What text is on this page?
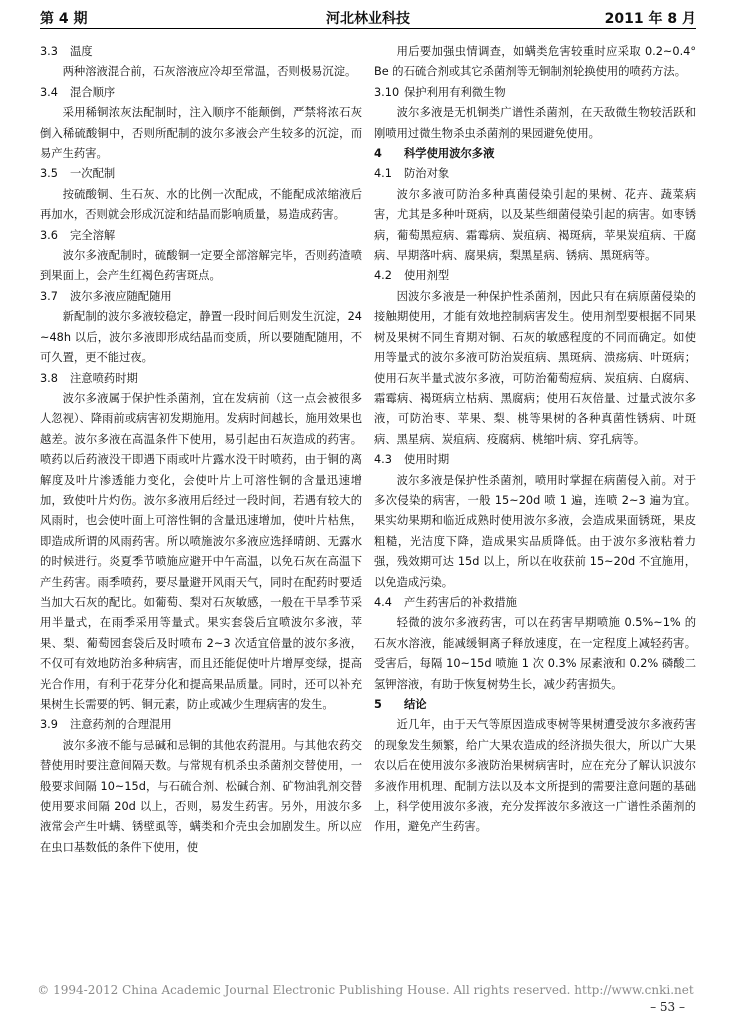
第 4 期	河北林业科技	2011 年 8 月
3.3 温度

两种溶液混合前，石灰溶液应冷却至常温，否则极易沉淀。

3.4 混合顺序

采用稀铜浓灰法配制时，注入顺序不能颠倒，严禁将浓石灰倒入稀硫酸铜中，否则所配制的波尔多液会产生较多的沉淀，而易产生药害。

3.5 一次配制

按硫酸铜、生石灰、水的比例一次配成，不能配成浓缩液后再加水，否则就会形成沉淀和结晶而影响质量，易造成药害。

3.6 完全溶解

波尔多液配制时，硫酸铜一定要全部溶解完毕，否则药渣喷到果面上，会产生红褐色药害斑点。

3.7 波尔多液应随配随用

新配制的波尔多液较稳定，静置一段时间后则发生沉淀，24~48h 以后，波尔多液即形成结晶而变质，所以要随配随用，不可久置，更不能过夜。

3.8 注意喷药时期

波尔多液属于保护性杀菌剂，宜在发病前（这一点会被很多人忽视）、降雨前或病害初发期施用。发病时间越长，施用效果也越差。波尔多液在高温条件下使用，易引起由石灰造成的药害。喷药以后药液没干即遇下雨或叶片露水没干时喷药，由于铜的离解度及叶片渗透能力变化，会使叶片上可溶性铜的含量迅速增加，致使叶片灼伤。波尔多液用后经过一段时间，若遇有较大的风雨时，也会使叶面上可溶性铜的含量迅速增加，使叶片枯焦，即造成所谓的风雨药害。所以喷施波尔多液应选择晴朗、无露水的时候进行。炎夏季节喷施应避开中午高温，以免石灰在高温下产生药害。雨季喷药，要尽量避开风雨天气，同时在配药时要适当加大石灰的配比。如葡萄、梨对石灰敏感，一般在干旱季节采用半量式，在雨季采用等量式。果实套袋后宜喷波尔多液，苹果、梨、葡萄园套袋后及时喷布 2~3 次适宜倍量的波尔多液，不仅可有效地防治多种病害，而且还能促使叶片增厚变绿，提高光合作用，有利于花芽分化和提高果品质量。同时，还可以补充果树生长需要的钙、铜元素，防止或减少生理病害的发生。

3.9 注意药剂的合理混用

波尔多液不能与忌碱和忌铜的其他农药混用。与其他农药交替使用时要注意间隔天数。与常规有机杀虫杀菌剂交替使用，一般要求间隔 10~15d，与石硫合剂、松碱合剂、矿物油乳剂交替使用要求间隔 20d 以上，否则，易发生药害。另外，用波尔多液常会产生叶螨、锈壁虱等，螨类和介壳虫会加剧发生。所以应在虫口基数低的条件下使用，使

用后要加强虫情调查，如螨类危害较重时应采取 0.2~0.4°Be 的石硫合剂或其它杀菌剂等无铜制剂轮换使用的喷药方法。

3.10 保护利用有利微生物

波尔多液是无机铜类广谱性杀菌剂，在天敌微生物较活跃和刚喷用过微生物杀虫杀菌剂的果园避免使用。

4 科学使用波尔多液
4.1 防治对象

波尔多液可防治多种真菌侵染引起的果树、花卉、蔬菜病害，尤其是多种叶斑病，以及某些细菌侵染引起的病害。如枣锈病，葡萄黑痘病、霜霉病、炭疽病、褐斑病，苹果炭疽病、干腐病、早期落叶病、腐果病，梨黑星病、锈病、黑斑病等。

4.2 使用剂型

因波尔多液是一种保护性杀菌剂，因此只有在病原菌侵染的接触期使用，才能有效地控制病害发生。使用剂型要根据不同果树及果树不同生育期对铜、石灰的敏感程度的不同而确定。如使用等量式的波尔多液可防治炭疽病、黑斑病、溃疡病、叶斑病；使用石灰半量式波尔多液，可防治葡萄痘病、炭疽病、白腐病、霜霉病、褐斑病立枯病、黑腐病；使用石灰倍量、过量式波尔多液，可防治枣、苹果、梨、桃等果树的各种真菌性锈病、叶斑病、黑星病、炭疽病、疫腐病、桃缩叶病、穿孔病等。

4.3 使用时期

波尔多液是保护性杀菌剂，喷用时掌握在病菌侵入前。对于多次侵染的病害，一般 15~20d 喷 1 遍，连喷 2~3 遍为宜。果实幼果期和临近成熟时使用波尔多液，会造成果面锈斑，果皮粗糙，光洁度下降，造成果实品质降低。由于波尔多液粘着力强，残效期可达 15d 以上，所以在收获前 15~20d 不宜施用，以免造成污染。

4.4 产生药害后的补救措施

轻微的波尔多液药害，可以在药害早期喷施 0.5%~1% 的石灰水溶液，能减缓铜离子释放速度，在一定程度上减轻药害。受害后，每隔 10~15d 喷施 1 次 0.3% 尿素液和 0.2% 磷酸二氢钾溶液，有助于恢复树势生长，减少药害损失。

5 结论

近几年，由于天气等原因造成枣树等果树遭受波尔多液药害的现象发生频繁，给广大果农造成的经济损失很大，所以广大果农以后在使用波尔多液防治果树病害时，应在充分了解认识波尔多液作用机理、配制方法以及本文所提到的需要注意问题的基础上，科学使用波尔多液，充分发挥波尔多液这一广谱性杀菌剂的作用，避免产生药害。

© 1994-2012 China Academic Journal Electronic Publishing House. All rights reserved. http://www.cnki.net
– 53 –
